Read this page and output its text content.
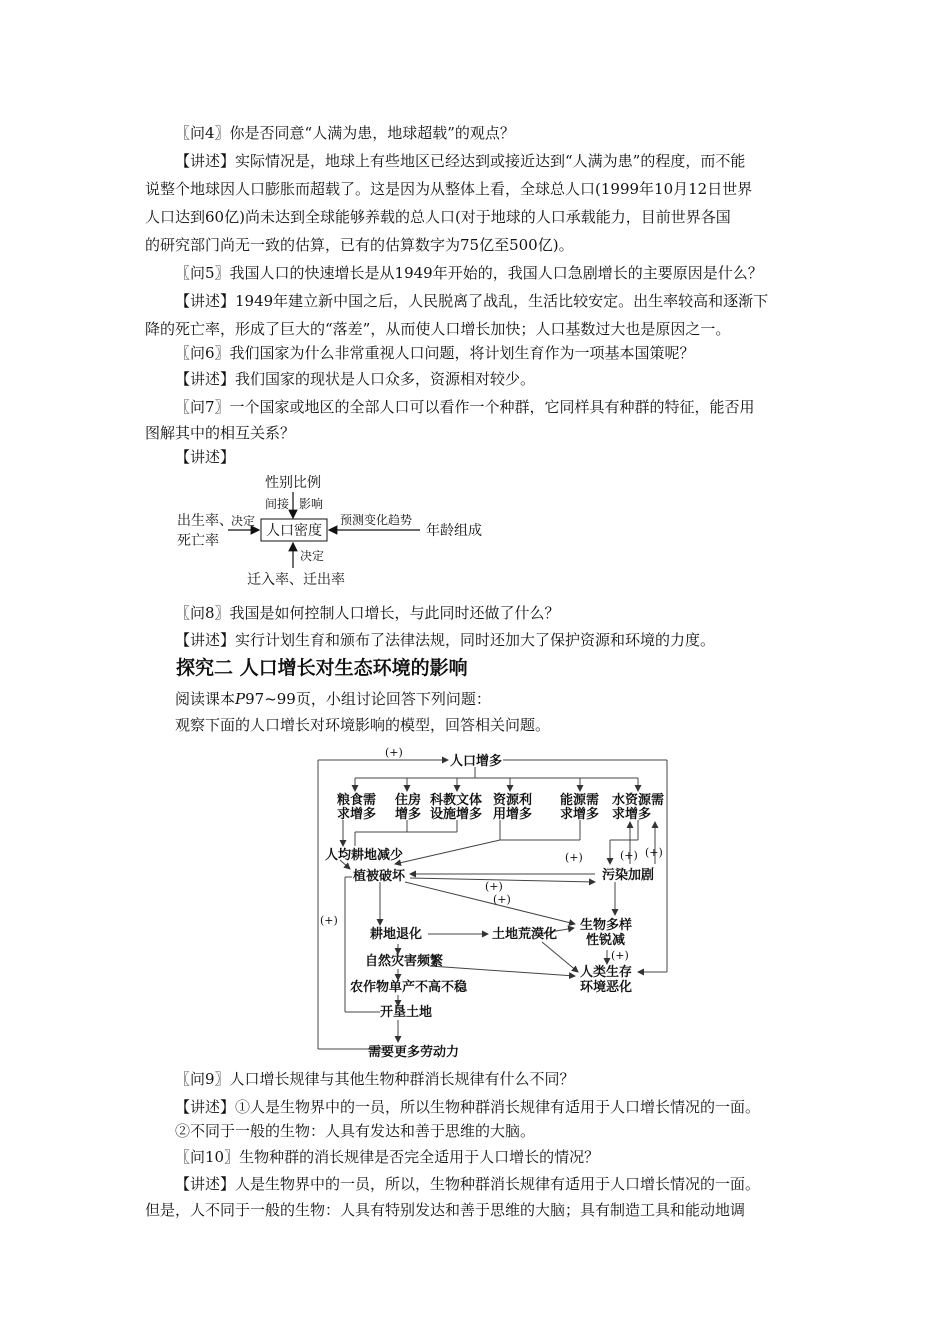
〖问4〗你是否同意“人满为患，地球超载”的观点？
【讲述】实际情况是，地球上有些地区已经达到或接近达到“人满为患”的程度，而不能
说整个地球因人口膨胀而超载了。这是因为从整体上看，全球总人口(1999年10月12日世界
人口达到60亿)尚未达到全球能够养载的总人口(对于地球的人口承载能力，目前世界各国
的研究部门尚无一致的估算，已有的估算数字为75亿至500亿)。
〖问5〗我国人口的快速增长是从1949年开始的，我国人口急剧增长的主要原因是什么？
【讲述】1949年建立新中国之后，人民脱离了战乱，生活比较安定。出生率较高和逐渐下
降的死亡率，形成了巨大的“落差”，从而使人口增长加快；人口基数过大也是原因之一。
〖问6〗我们国家为什么非常重视人口问题，将计划生育作为一项基本国策呢？
【讲述】我们国家的现状是人口众多，资源相对较少。
〖问7〗一个国家或地区的全部人口可以看作一个种群，它同样具有种群的特征，能否用
图解其中的相互关系？
【讲述】
性别比例
间接 影响
出生率、
决定
死亡率
人口密度
预测变化趋势
年龄组成
决定
迁入率、迁出率
〖问8〗我国是如何控制人口增长，与此同时还做了什么？
【讲述】实行计划生育和颁布了法律法规，同时还加大了保护资源和环境的力度。
探究二 人口增长对生态环境的影响
阅读课本P97~99页，小组讨论回答下列问题：
观察下面的人口增长对环境影响的模型，回答相关问题。
(+)
人口增多
粮食需
求增多
住房
增多
科教文体
设施增多
资源利
用增多
能源需
求增多
水资源需
求增多
人均耕地减少	(+)	(+) (+)
植被破坏	污染加剧
(+)
(+)
(+)
耕地退化	土地荒漠化
生物多样
性锐减
(+)
自然灾害频繁
人类生存
环境恶化
农作物单产不高不稳
开垦土地
需要更多劳动力
〖问9〗人口增长规律与其他生物种群消长规律有什么不同？
【讲述】①人是生物界中的一员，所以生物种群消长规律有适用于人口增长情况的一面。
②不同于一般的生物：人具有发达和善于思维的大脑。
〖问10〗生物种群的消长规律是否完全适用于人口增长的情况？
【讲述】人是生物界中的一员，所以，生物种群消长规律有适用于人口增长情况的一面。
但是，人不同于一般的生物：人具有特别发达和善于思维的大脑；具有制造工具和能动地调
